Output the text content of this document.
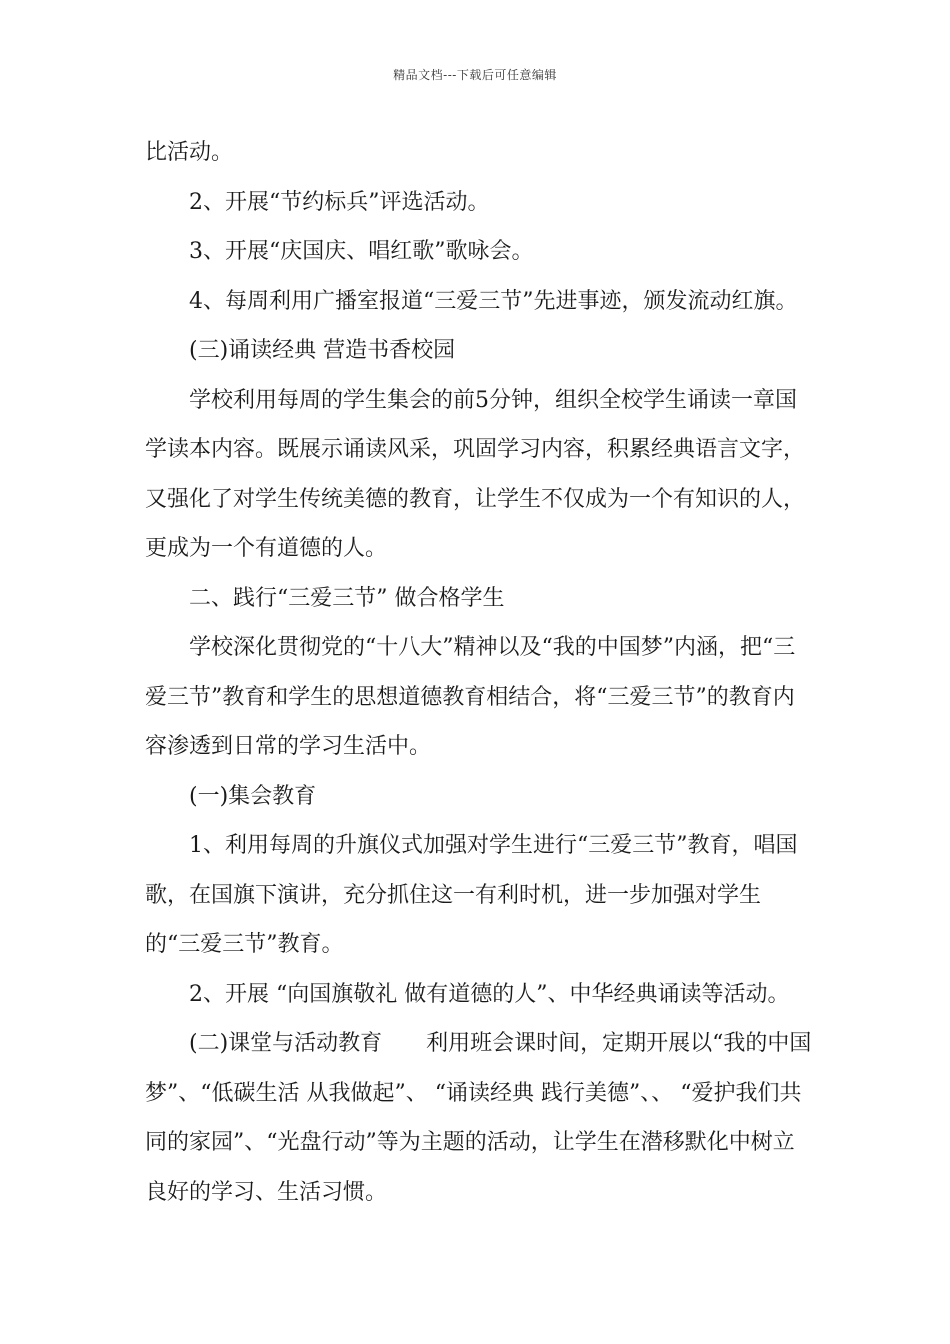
精品文档---下载后可任意编辑

比活动。

2、开展“节约标兵”评选活动。

3、开展“庆国庆、唱红歌”歌咏会。

4、每周利用广播室报道“三爱三节”先进事迹，颁发流动红旗。

(三)诵读经典 营造书香校园

学校利用每周的学生集会的前5分钟，组织全校学生诵读一章国学读本内容。既展示诵读风采，巩固学习内容，积累经典语言文字，又强化了对学生传统美德的教育，让学生不仅成为一个有知识的人，更成为一个有道德的人。

二、践行“三爱三节” 做合格学生

学校深化贯彻党的“十八大”精神以及“我的中国梦”内涵，把“三爱三节”教育和学生的思想道德教育相结合，将“三爱三节”的教育内容渗透到日常的学习生活中。

(一)集会教育

1、利用每周的升旗仪式加强对学生进行“三爱三节”教育，唱国歌，在国旗下演讲，充分抓住这一有利时机，进一步加强对学生的“三爱三节”教育。

2、开展 “向国旗敬礼 做有道德的人”、中华经典诵读等活动。

(二)课堂与活动教育　　利用班会课时间，定期开展以“我的中国梦”、“低碳生活 从我做起”、 “诵读经典 践行美德”、、 “爱护我们共同的家园”、“光盘行动”等为主题的活动，让学生在潜移默化中树立良好的学习、生活习惯。
